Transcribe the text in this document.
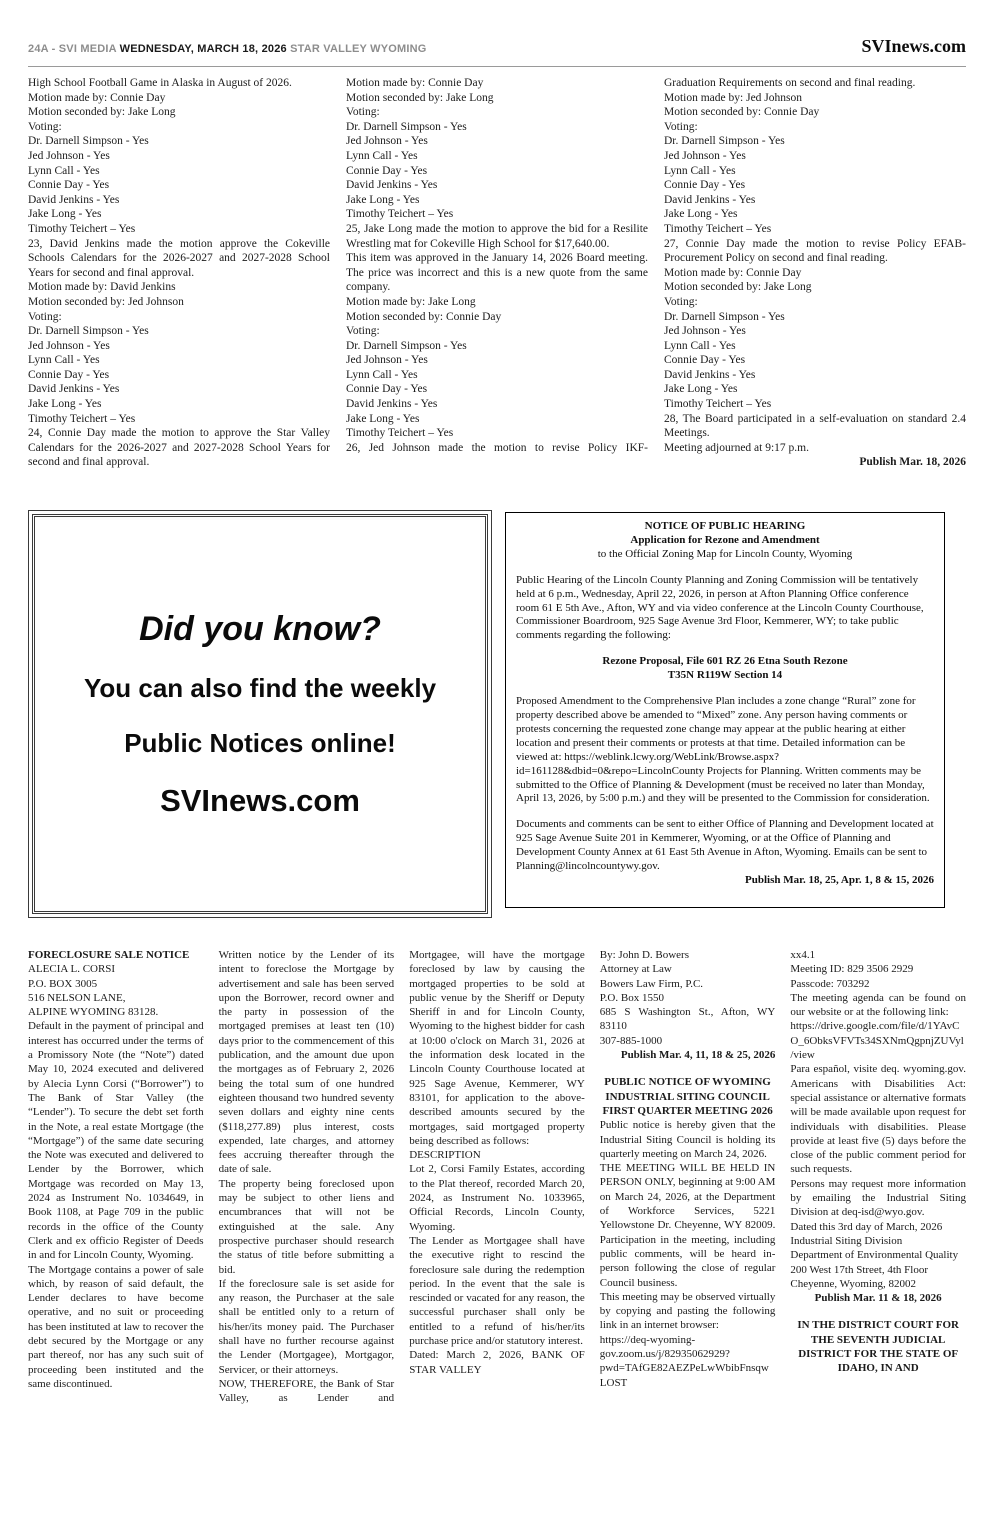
24A - SVI MEDIA WEDNESDAY, MARCH 18, 2026 STAR VALLEY WYOMING	SVInews.com
High School Football Game in Alaska in August of 2026.
Motion made by: Connie Day
Motion seconded by: Jake Long
Voting:
Dr. Darnell Simpson - Yes
Jed Johnson - Yes
Lynn Call - Yes
Connie Day - Yes
David Jenkins - Yes
Jake Long - Yes
Timothy Teichert – Yes
23, David Jenkins made the motion approve the Cokeville Schools Calendars for the 2026-2027 and 2027-2028 School Years for second and final approval.
Motion made by: David Jenkins
Motion seconded by: Jed Johnson
Voting:
Dr. Darnell Simpson - Yes
Jed Johnson - Yes
Lynn Call - Yes
Connie Day - Yes
David Jenkins - Yes
Jake Long - Yes
Timothy Teichert – Yes
24, Connie Day made the motion to approve the Star Valley Calendars for the 2026-2027 and 2027-2028 School Years for second and final approval.
Motion made by: Connie Day
Motion seconded by: Jake Long
Voting:
Dr. Darnell Simpson - Yes
Jed Johnson - Yes
Lynn Call - Yes
Connie Day - Yes
David Jenkins - Yes
Jake Long - Yes
Timothy Teichert – Yes
25, Jake Long made the motion to approve the bid for a Resilite Wrestling mat for Cokeville High School for $17,640.00.
This item was approved in the January 14, 2026 Board meeting. The price was incorrect and this is a new quote from the same company.
Motion made by: Jake Long
Motion seconded by: Connie Day
Voting:
Dr. Darnell Simpson - Yes
Jed Johnson - Yes
Lynn Call - Yes
Connie Day - Yes
David Jenkins - Yes
Jake Long - Yes
Timothy Teichert – Yes
26, Jed Johnson made the motion to revise Policy IKF-
Graduation Requirements on second and final reading.
Motion made by: Jed Johnson
Motion seconded by: Connie Day
Voting:
Dr. Darnell Simpson - Yes
Jed Johnson - Yes
Lynn Call - Yes
Connie Day - Yes
David Jenkins - Yes
Jake Long - Yes
Timothy Teichert – Yes
27, Connie Day made the motion to revise Policy EFAB-Procurement Policy on second and final reading.
Motion made by: Connie Day
Motion seconded by: Jake Long
Voting:
Dr. Darnell Simpson - Yes
Jed Johnson - Yes
Lynn Call - Yes
Connie Day - Yes
David Jenkins - Yes
Jake Long - Yes
Timothy Teichert – Yes
28, The Board participated in a self-evaluation on standard 2.4 Meetings.
Meeting adjourned at 9:17 p.m.
Publish Mar. 18, 2026
Did you know?
You can also find the weekly
Public Notices online!
SVInews.com
NOTICE OF PUBLIC HEARING
Application for Rezone and Amendment
to the Official Zoning Map for Lincoln County, Wyoming
Public Hearing of the Lincoln County Planning and Zoning Commission will be tentatively held at 6 p.m., Wednesday, April 22, 2026, in person at Afton Planning Office conference room 61 E 5th Ave., Afton, WY and via video conference at the Lincoln County Courthouse, Commissioner Boardroom, 925 Sage Avenue 3rd Floor, Kemmerer, WY; to take public comments regarding the following:
Rezone Proposal, File 601 RZ 26 Etna South Rezone
T35N R119W Section 14
Proposed Amendment to the Comprehensive Plan includes a zone change “Rural” zone for property described above be amended to “Mixed” zone. Any person having comments or protests concerning the requested zone change may appear at the public hearing at either location and present their comments or protests at that time. Detailed information can be viewed at: https://weblink.lcwy.org/WebLink/Browse.aspx?id=161128&dbid=0&repo=LincolnCounty Projects for Planning. Written comments may be submitted to the Office of Planning & Development (must be received no later than Monday, April 13, 2026, by 5:00 p.m.) and they will be presented to the Commission for consideration.
Documents and comments can be sent to either Office of Planning and Development located at 925 Sage Avenue Suite 201 in Kemmerer, Wyoming, or at the Office of Planning and Development County Annex at 61 East 5th Avenue in Afton, Wyoming. Emails can be sent to Planning@lincolncountywy.gov.
Publish Mar. 18, 25, Apr. 1, 8 & 15, 2026
FORECLOSURE SALE NOTICE
ALECIA L. CORSI
P.O. BOX 3005
516 NELSON LANE,
ALPINE WYOMING 83128.
Default in the payment of principal and interest has occurred under the terms of a Promissory Note (the “Note”) dated May 10, 2024 executed and delivered by Alecia Lynn Corsi (“Borrower”) to The Bank of Star Valley (the “Lender”). To secure the debt set forth in the Note, a real estate Mortgage (the “Mortgage”) of the same date securing the Note was executed and delivered to Lender by the Borrower, which Mortgage was recorded on May 13, 2024 as Instrument No. 1034649, in Book 1108, at Page 709 in the public records in the office of the County Clerk and ex officio Register of Deeds in and for Lincoln County, Wyoming.
The Mortgage contains a power of sale which, by reason of said default, the Lender declares to have become operative, and no suit or proceeding has been instituted at law to recover the debt secured by the Mortgage or any part thereof, nor has any such suit of proceeding been instituted and the same discontinued.
Written notice by the Lender of its intent to foreclose the Mortgage by advertisement and sale has been served upon the Borrower, record owner and the party in possession of the mortgaged premises at least ten (10) days prior to the commencement of this publication, and the amount due upon the mortgages as of February 2, 2026 being the total sum of one hundred eighteen thousand two hundred seventy seven dollars and eighty nine cents ($118,277.89) plus interest, costs expended, late charges, and attorney fees accruing thereafter through the date of sale.
The property being foreclosed upon may be subject to other liens and encumbrances that will not be extinguished at the sale. Any prospective purchaser should research the status of title before submitting a bid.
If the foreclosure sale is set aside for any reason, the Purchaser at the sale shall be entitled only to a return of his/her/its money paid. The Purchaser shall have no further recourse against the Lender (Mortgagee), Mortgagor, Servicer, or their attorneys.
NOW, THEREFORE, the Bank of Star Valley, as Lender and
Mortgagee, will have the mortgage foreclosed by law by causing the mortgaged properties to be sold at public venue by the Sheriff or Deputy Sheriff in and for Lincoln County, Wyoming to the highest bidder for cash at 10:00 o'clock on March 31, 2026 at the information desk located in the Lincoln County Courthouse located at 925 Sage Avenue, Kemmerer, WY 83101, for application to the above-described amounts secured by the mortgages, said mortgaged property being described as follows:
DESCRIPTION
Lot 2, Corsi Family Estates, according to the Plat thereof, recorded March 20, 2024, as Instrument No. 1033965, Official Records, Lincoln County, Wyoming.
The Lender as Mortgagee shall have the executive right to rescind the foreclosure sale during the redemption period. In the event that the sale is rescinded or vacated for any reason, the successful purchaser shall only be entitled to a refund of his/her/its purchase price and/or statutory interest.
Dated: March 2, 2026, BANK OF STAR VALLEY
By: John D. Bowers
Attorney at Law
Bowers Law Firm, P.C.
P.O. Box 1550
685 S Washington St., Afton, WY 83110
307-885-1000
Publish Mar. 4, 11, 18 & 25, 2026
PUBLIC NOTICE OF WYOMING INDUSTRIAL SITING COUNCIL FIRST QUARTER MEETING 2026
Public notice is hereby given that the Industrial Siting Council is holding its quarterly meeting on March 24, 2026.
THE MEETING WILL BE HELD IN PERSON ONLY, beginning at 9:00 AM on March 24, 2026, at the Department of Workforce Services, 5221 Yellowstone Dr. Cheyenne, WY 82009. Participation in the meeting, including public comments, will be heard in-person following the close of regular Council business.
This meeting may be observed virtually by copying and pasting the following link in an internet browser:
https://deq-wyoming-gov.zoom.us/j/82935062929?pwd=TAfGE82AEZPeLwWbibFnsqwLOST
xx4.1
Meeting ID: 829 3506 2929
Passcode: 703292
The meeting agenda can be found on our website or at the following link:
https://drive.google.com/file/d/1YAvCO_6ObksVFVTs34SXNmQgpnjZUVyl/view
Para español, visite deq. wyoming.gov. Americans with Disabilities Act: special assistance or alternative formats will be made available upon request for individuals with disabilities. Please provide at least five (5) days before the close of the public comment period for such requests.
Persons may request more information by emailing the Industrial Siting Division at deq-isd@wyo.gov.
Dated this 3rd day of March, 2026
Industrial Siting Division
Department of Environmental Quality
200 West 17th Street, 4th Floor
Cheyenne, Wyoming, 82002
Publish Mar. 11 & 18, 2026
IN THE DISTRICT COURT FOR THE SEVENTH JUDICIAL DISTRICT FOR THE STATE OF IDAHO, IN AND
